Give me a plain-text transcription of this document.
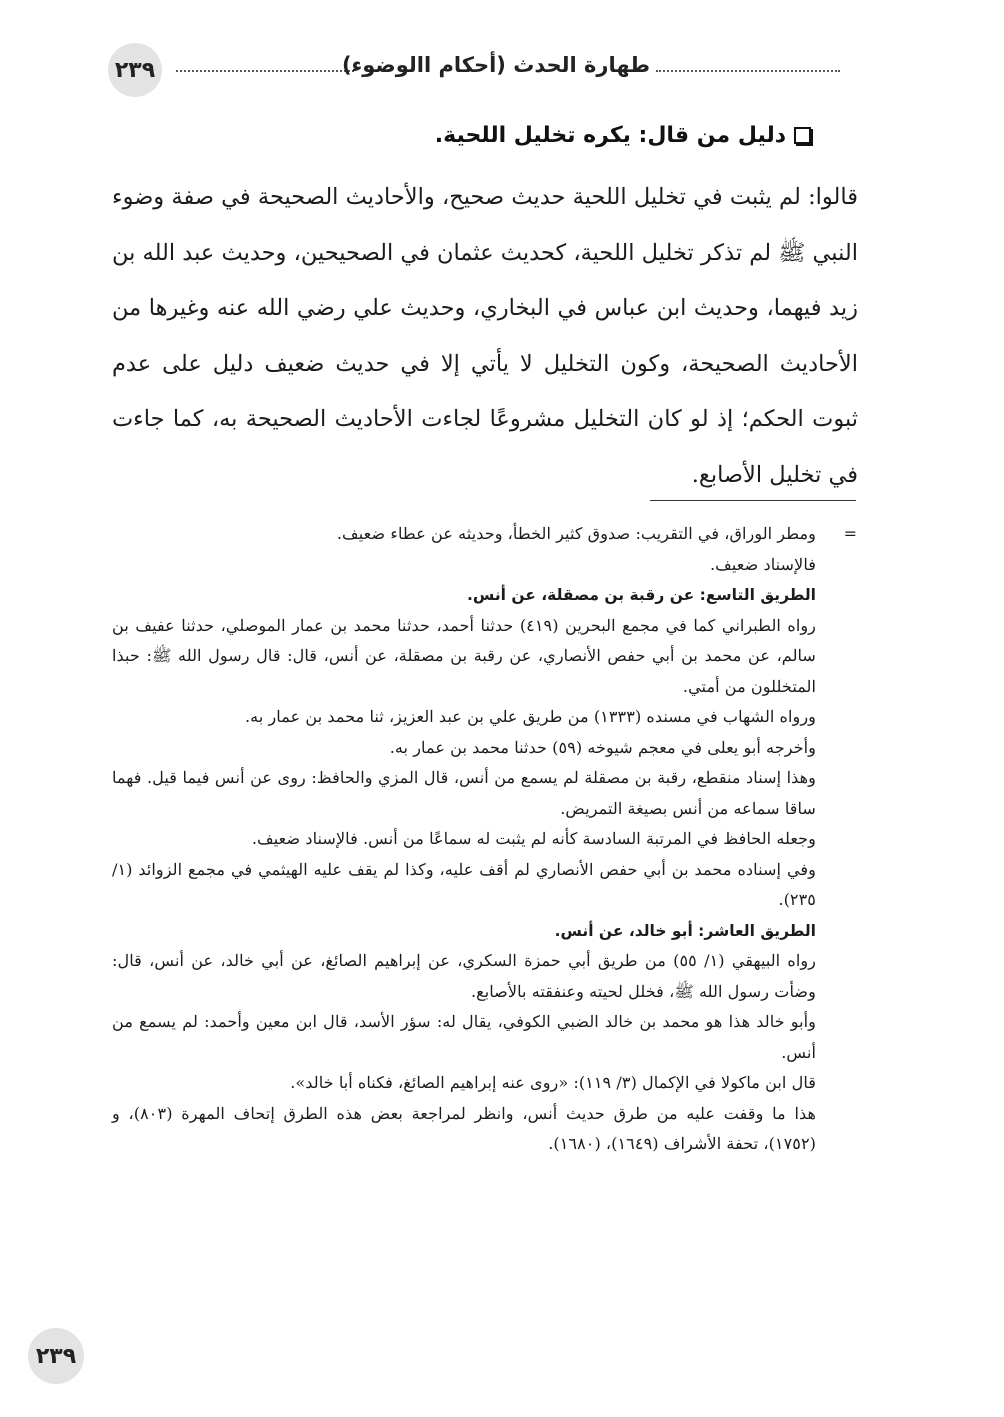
٢٣٩	طهارة الحدث (أحكام االوضوء)
دليل من قال: يكره تخليل اللحية.

قالوا: لم يثبت في تخليل اللحية حديث صحيح، والأحاديث الصحيحة في صفة وضوء النبي ﷺ لم تذكر تخليل اللحية، كحديث عثمان في الصحيحين، وحديث عبد الله بن زيد فيهما، وحديث ابن عباس في البخاري، وحديث علي رضي الله عنه وغيرها من الأحاديث الصحيحة، وكون التخليل لا يأتي إلا في حديث ضعيف دليل على عدم ثبوت الحكم؛ إذ لو كان التخليل مشروعًا لجاءت الأحاديث الصحيحة به، كما جاءت في تخليل الأصابع.

=

ومطر الوراق، في التقريب: صدوق كثير الخطأ، وحديثه عن عطاء ضعيف.

فالإسناد ضعيف.

الطريق التاسع: عن رقبة بن مصقلة، عن أنس.

رواه الطبراني كما في مجمع البحرين (٤١٩) حدثنا أحمد، حدثنا محمد بن عمار الموصلي، حدثنا عفيف بن سالم، عن محمد بن أبي حفص الأنصاري، عن رقبة بن مصقلة، عن أنس، قال: قال رسول الله ﷺ: حبذا المتخللون من أمتي.

ورواه الشهاب في مسنده (١٣٣٣) من طريق علي بن عبد العزيز، ثنا محمد بن عمار به.

وأخرجه أبو يعلى في معجم شيوخه (٥٩) حدثنا محمد بن عمار به.

وهذا إسناد منقطع، رقبة بن مصقلة لم يسمع من أنس، قال المزي والحافظ: روى عن أنس فيما قيل. فهما ساقا سماعه من أنس بصيغة التمريض.

وجعله الحافظ في المرتبة السادسة كأنه لم يثبت له سماعًا من أنس. فالإسناد ضعيف.

وفي إسناده محمد بن أبي حفص الأنصاري لم أقف عليه، وكذا لم يقف عليه الهيثمي في مجمع الزوائد (١/ ٢٣٥).

الطريق العاشر: أبو خالد، عن أنس.

رواه البيهقي (١/ ٥٥) من طريق أبي حمزة السكري، عن إبراهيم الصائغ، عن أبي خالد، عن أنس، قال: وضأت رسول الله ﷺ، فخلل لحيته وعنفقته بالأصابع.

وأبو خالد هذا هو محمد بن خالد الضبي الكوفي، يقال له: سؤر الأسد، قال ابن معين وأحمد: لم يسمع من أنس.

قال ابن ماكولا في الإكمال (٣/ ١١٩): «روى عنه إبراهيم الصائغ، فكناه أبا خالد».

هذا ما وقفت عليه من طرق حديث أنس، وانظر لمراجعة بعض هذه الطرق إتحاف المهرة (٨٠٣)، و (١٧٥٢)، تحفة الأشراف (١٦٤٩)، (١٦٨٠).

٢٣٩
